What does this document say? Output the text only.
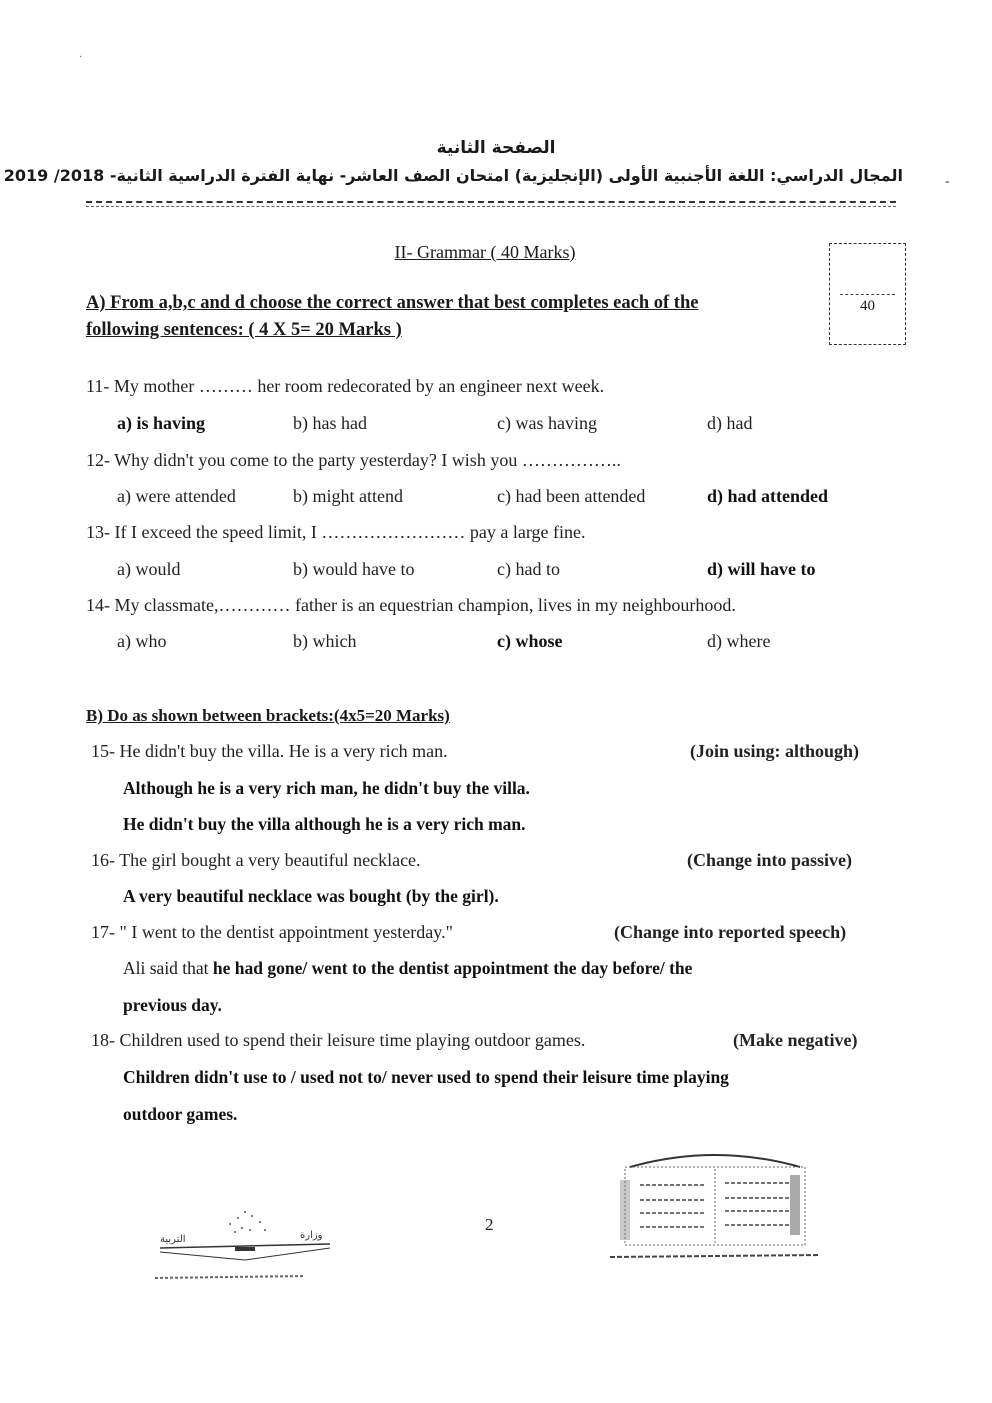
·
الصفحة الثانية
المجال الدراسي: اللغة الأجنبية الأولى (الإنجليزية) امتحان الصف العاشر- نهاية الفترة الدراسية الثانية- 2018/ 2019	-
II- Grammar ( 40 Marks)
40
A) From a,b,c and d choose the correct answer that best completes each of the
following sentences: ( 4 X 5= 20 Marks )
11- My mother ……… her room redecorated by an engineer next week.
a) is having	b) has had	c) was having	d) had
12- Why didn't you come to the party yesterday? I wish you ……………..
a) were attended	b) might attend	c) had been attended	d) had attended
13- If I exceed the speed limit, I …………………… pay a large fine.
a) would	b) would have to	c) had to	d) will have to
14- My classmate,………… father is an equestrian champion, lives in my neighbourhood.
a) who	b) which	c) whose	d) where
B) Do as shown between brackets:(4x5=20 Marks)
15- He didn't buy the villa. He is a very rich man.	(Join using: although)
Although he is a very rich man, he didn't buy the villa.
He didn't buy the villa although he is a very rich man.
16- The girl bought a very beautiful necklace.	(Change into passive)
A very beautiful necklace was bought (by the girl).
17- " I went to the dentist appointment yesterday."	(Change into reported speech)
Ali said that he had gone/ went to the dentist appointment the day before/ the
previous day.
18- Children used to spend their leisure time playing outdoor games.	(Make negative)
Children didn't use to / used not to/ never used to spend their leisure time playing
outdoor games.
التربية	وزارة
2
